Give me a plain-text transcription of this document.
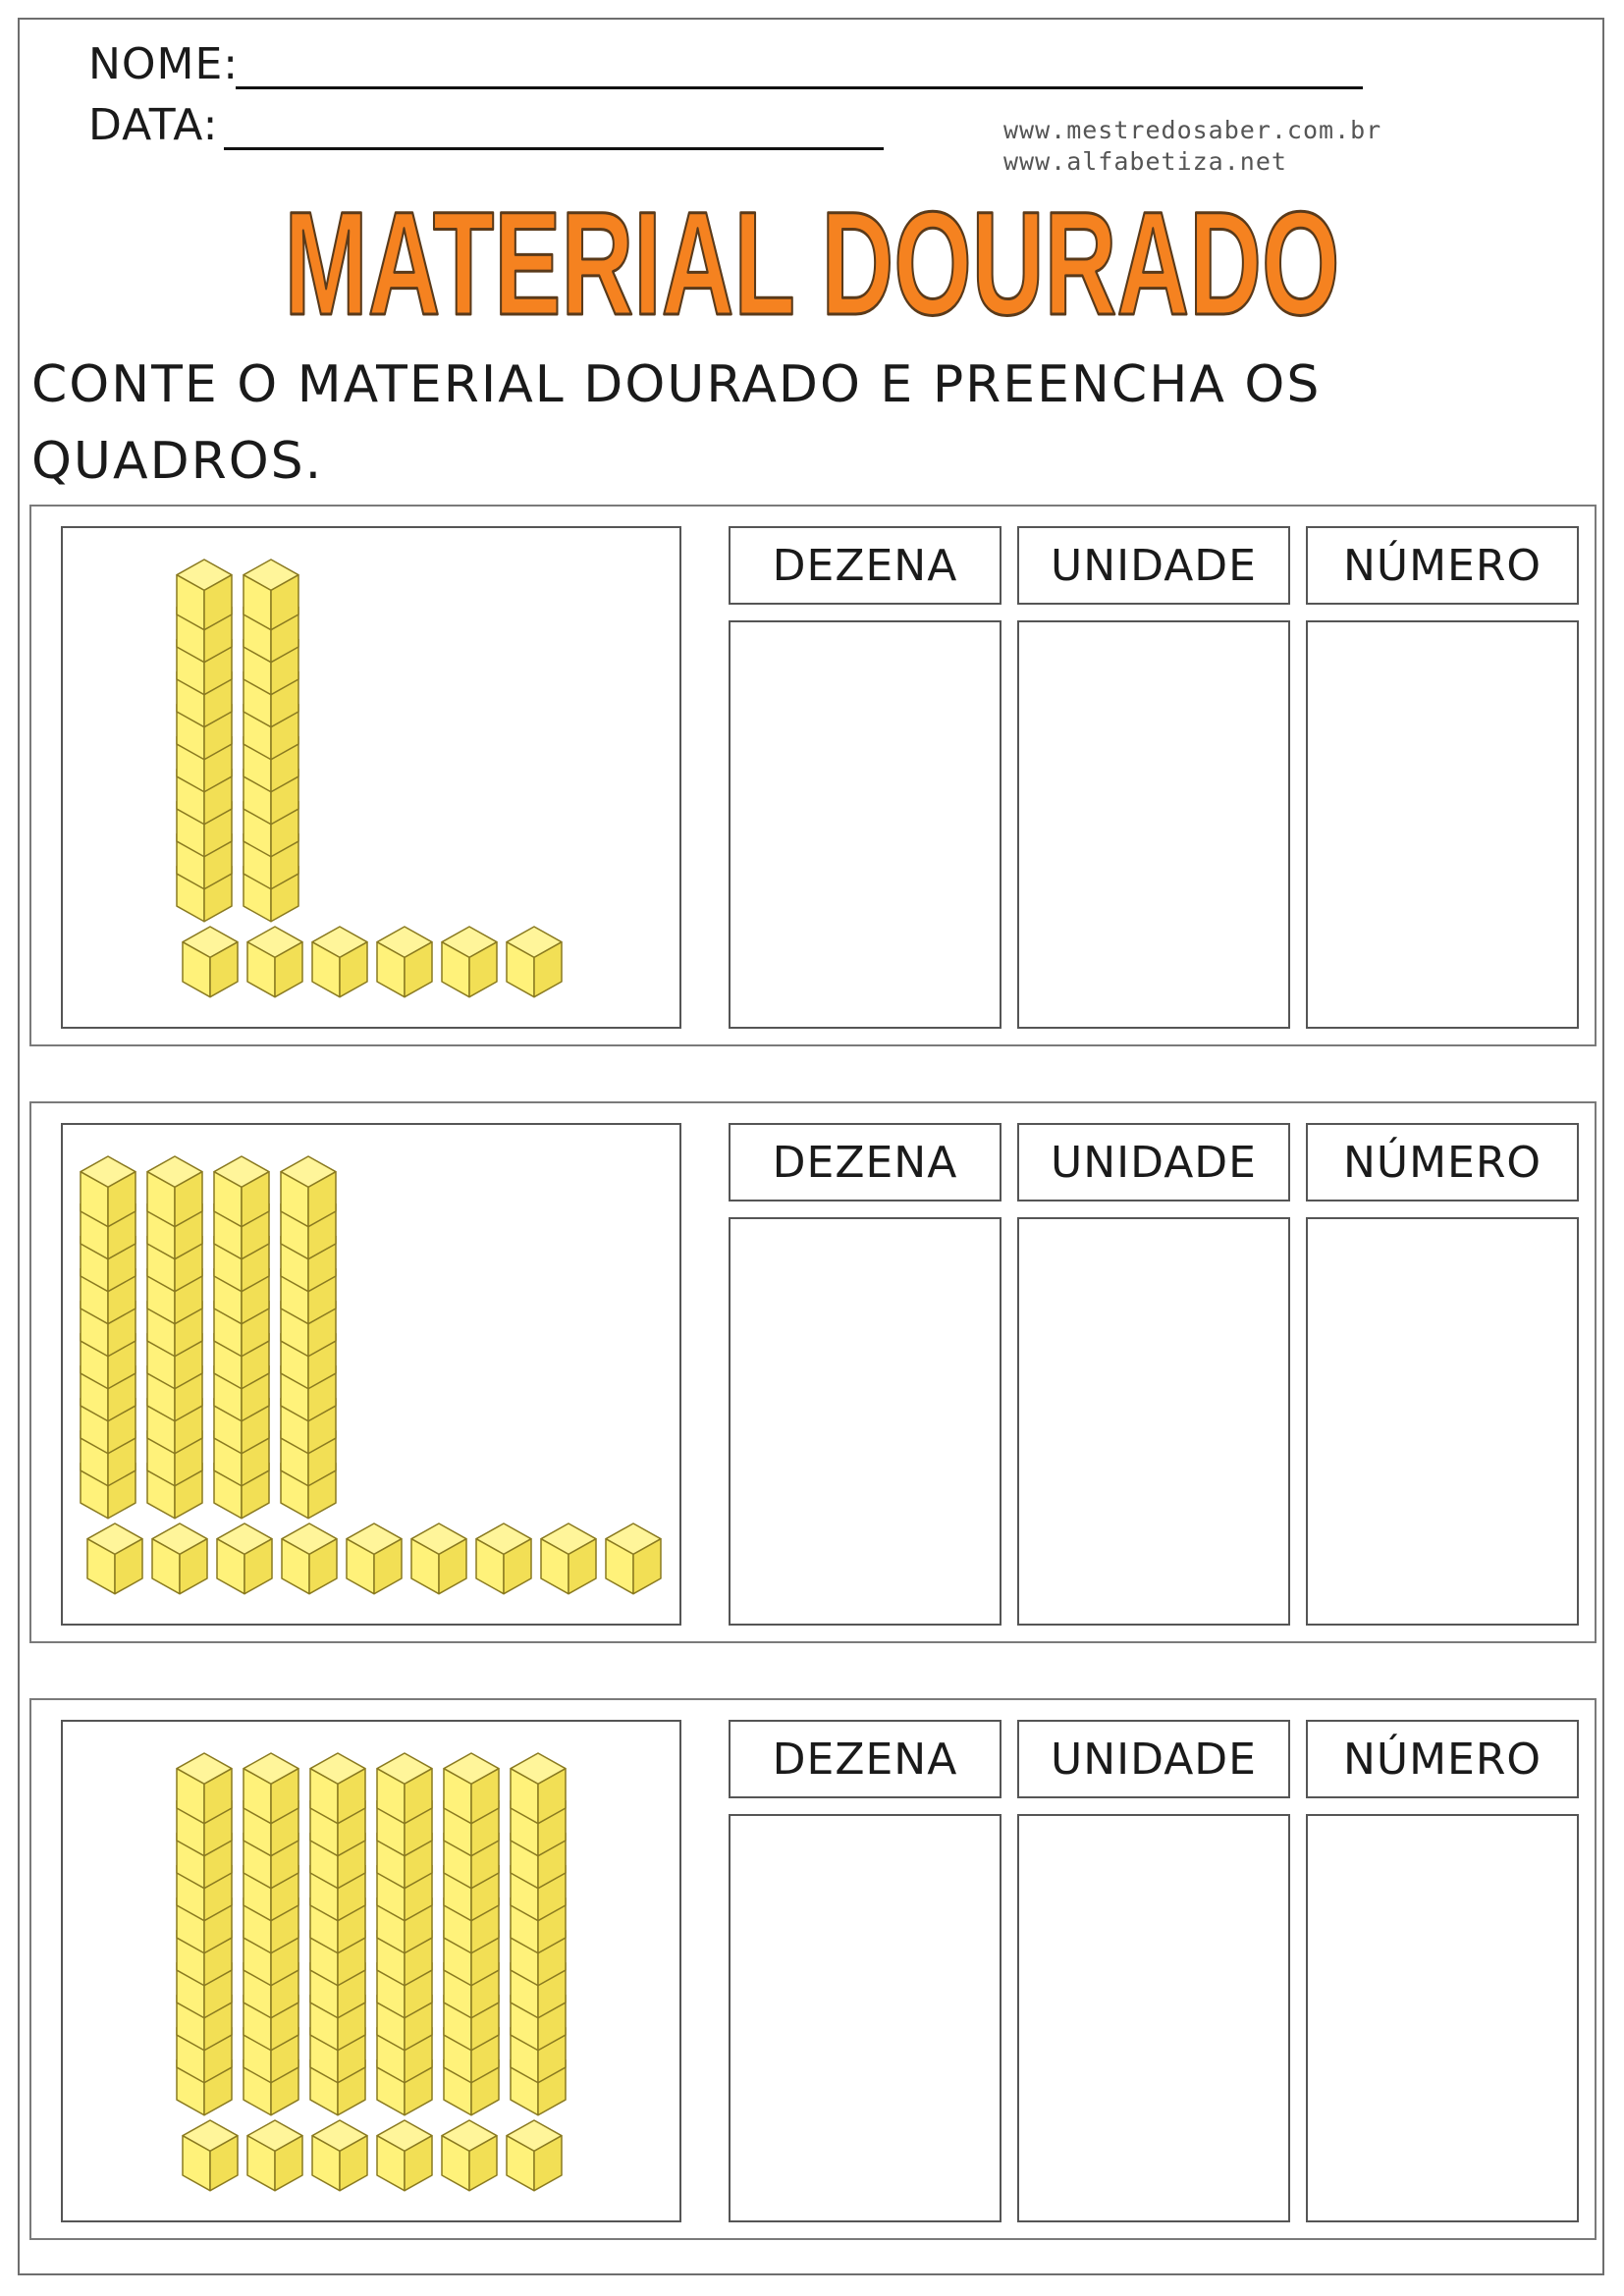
NOME:
DATA:	www.mestredosaber.com.br
www.alfabetiza.net
MATERIAL DOURADO
CONTE O MATERIAL DOURADO E PREENCHA OS
QUADROS.
DEZENA	UNIDADE	NÚMERO
DEZENA	UNIDADE	NÚMERO
DEZENA	UNIDADE	NÚMERO
